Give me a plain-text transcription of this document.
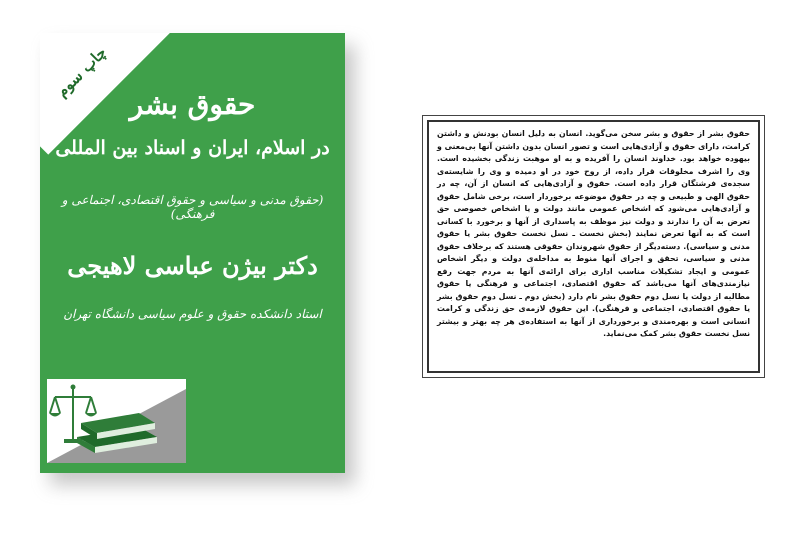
چاپ سوم
حقوق بشر
در اسلام، ایران و اسناد بین المللی
(حقوق مدنی و سیاسی و حقوق اقتصادی، اجتماعی و فرهنگی)
دکتر بیژن عباسی لاهیجی
استاد دانشکده حقوق و علوم سیاسی دانشگاه تهران
حقوق بشر از حقوق و بشر سخن می‌گوید. انسان به دلیل انسان بودنش و داشتن کرامت، دارای حقوق و آزادی‌هایی است و تصور انسان بدون داشتن آنها بی‌معنی و بیهوده خواهد بود. خداوند انسان را آفریده و به او موهبت زندگی بخشیده است. وی را اشرف مخلوقات قرار داده، از روح خود در او دمیده و وی را شایسته‌ی سجده‌ی فرشتگان قرار داده است. حقوق و آزادی‌هایی که انسان از آن، چه در حقوق الهی و طبیعی و چه در حقوق موضوعه برخوردار است، برخی شامل حقوق و آزادی‌هایی می‌شود که اشخاص عمومی مانند دولت و یا اشخاص خصوصی حق تعرض به آن را ندارند و دولت نیز موظف به پاسداری از آنها و برخورد با کسانی است که به آنها تعرض نمایند (بخش نخست ـ نسل نخست حقوق بشر یا حقوق مدنی و سیاسی). دسته‌دیگر از حقوق شهروندان حقوقی هستند که برخلاف حقوق مدنی و سیاسی، تحقق و اجرای آنها منوط به مداخله‌ی دولت و دیگر اشخاص عمومی و ایجاد تشکیلات مناسب اداری برای ارائه‌ی آنها به مردم جهت رفع نیازمندی‌های آنها می‌باشد که حقوق اقتصادی، اجتماعی و فرهنگی یا حقوق مطالبه از دولت یا نسل دوم حقوق بشر نام دارد (بخش دوم ـ نسل دوم حقوق بشر یا حقوق اقتصادی، اجتماعی و فرهنگی). این حقوق لازمه‌ی حق زندگی و کرامت انسانی است و بهره‌مندی و برخورداری از آنها به استفاده‌ی هر چه بهتر و بیشتر نسل نخست حقوق بشر کمک می‌نماید.
